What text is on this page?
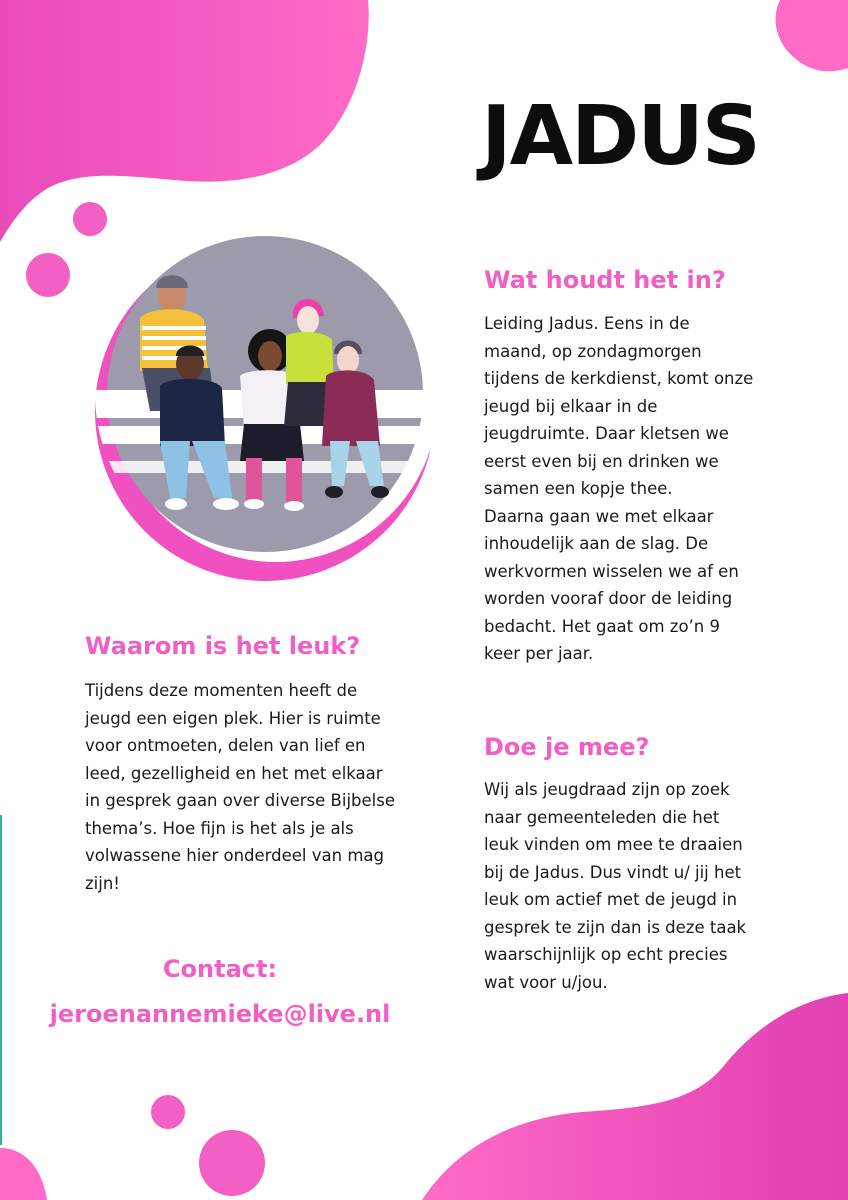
JADUS
Wat houdt het in?
Leiding Jadus. Eens in de
maand, op zondagmorgen
tijdens de kerkdienst, komt onze
jeugd bij elkaar in de
jeugdruimte. Daar kletsen we
eerst even bij en drinken we
samen een kopje thee.
Daarna gaan we met elkaar
inhoudelijk aan de slag. De
werkvormen wisselen we af en
worden vooraf door de leiding
bedacht. Het gaat om zo’n 9
keer per jaar.
Waarom is het leuk?
Tijdens deze momenten heeft de
jeugd een eigen plek. Hier is ruimte
voor ontmoeten, delen van lief en
leed, gezelligheid en het met elkaar
in gesprek gaan over diverse Bijbelse
thema’s. Hoe fijn is het als je als
volwassene hier onderdeel van mag
zijn!
Doe je mee?
Wij als jeugdraad zijn op zoek
naar gemeenteleden die het
leuk vinden om mee te draaien
bij de Jadus. Dus vindt u/ jij het
leuk om actief met de jeugd in
gesprek te zijn dan is deze taak
waarschijnlijk op echt precies
wat voor u/jou.
Contact:
jeroenannemieke@live.nl
